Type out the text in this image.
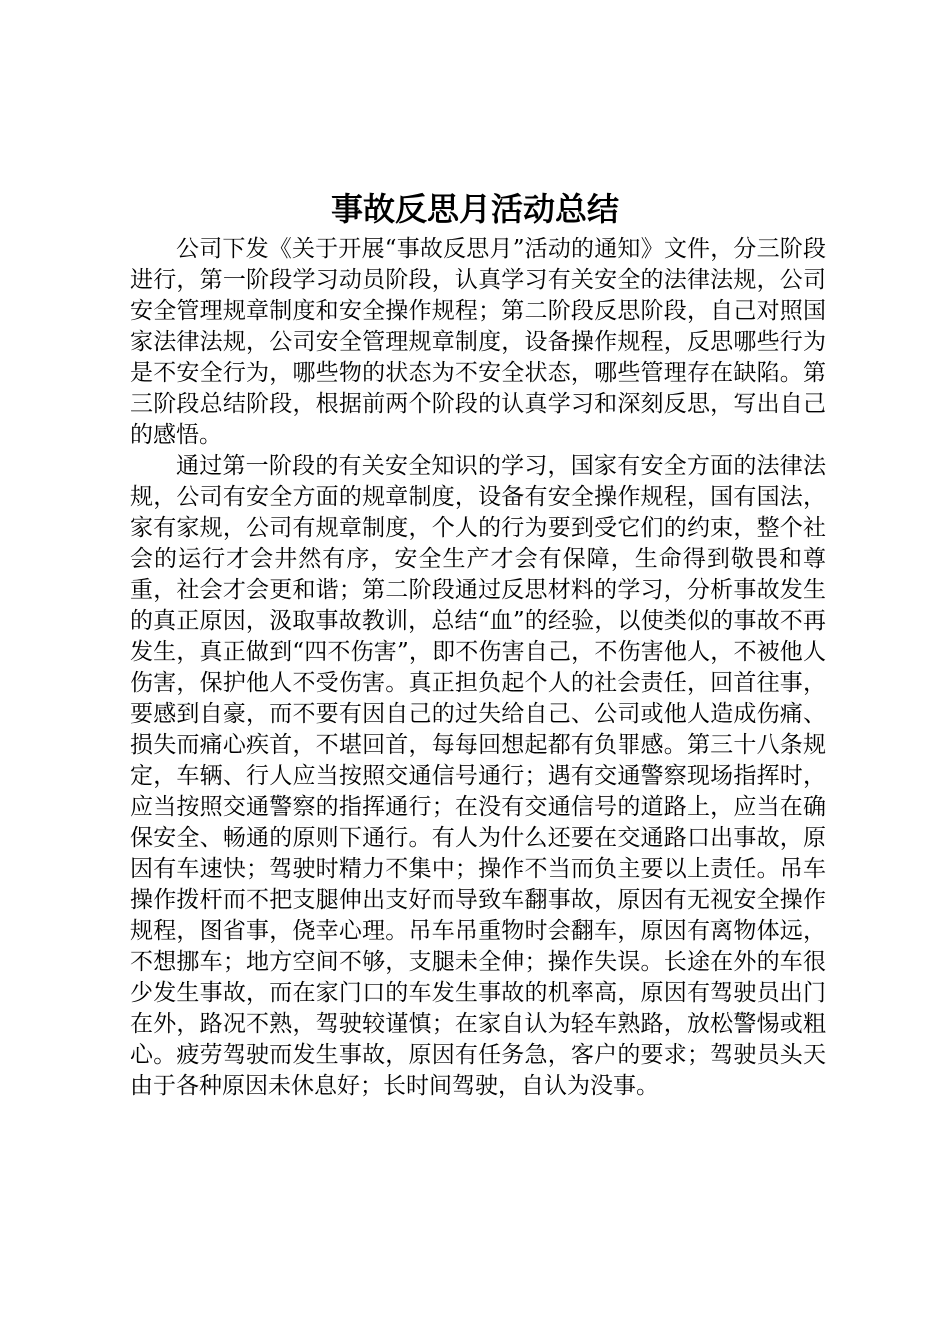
事故反思月活动总结

公司下发《关于开展“事故反思月”活动的通知》文件，分三阶段进行，第一阶段学习动员阶段，认真学习有关安全的法律法规，公司安全管理规章制度和安全操作规程；第二阶段反思阶段，自己对照国家法律法规，公司安全管理规章制度，设备操作规程，反思哪些行为是不安全行为，哪些物的状态为不安全状态，哪些管理存在缺陷。第三阶段总结阶段，根据前两个阶段的认真学习和深刻反思，写出自己的感悟。

通过第一阶段的有关安全知识的学习，国家有安全方面的法律法规，公司有安全方面的规章制度，设备有安全操作规程，国有国法，家有家规，公司有规章制度，个人的行为要到受它们的约束，整个社会的运行才会井然有序，安全生产才会有保障，生命得到敬畏和尊重，社会才会更和谐；第二阶段通过反思材料的学习，分析事故发生的真正原因，汲取事故教训，总结“血”的经验，以使类似的事故不再发生，真正做到“四不伤害”，即不伤害自己，不伤害他人，不被他人伤害，保护他人不受伤害。真正担负起个人的社会责任，回首往事，要感到自豪，而不要有因自己的过失给自己、公司或他人造成伤痛、损失而痛心疾首，不堪回首，每每回想起都有负罪感。第三十八条规定，车辆、行人应当按照交通信号通行；遇有交通警察现场指挥时，应当按照交通警察的指挥通行；在没有交通信号的道路上，应当在确保安全、畅通的原则下通行。有人为什么还要在交通路口出事故，原因有车速快；驾驶时精力不集中；操作不当而负主要以上责任。吊车操作拨杆而不把支腿伸出支好而导致车翻事故，原因有无视安全操作规程，图省事，侥幸心理。吊车吊重物时会翻车，原因有离物体远，不想挪车；地方空间不够，支腿未全伸；操作失误。长途在外的车很少发生事故，而在家门口的车发生事故的机率高，原因有驾驶员出门在外，路况不熟，驾驶较谨慎；在家自认为轻车熟路，放松警惕或粗心。疲劳驾驶而发生事故，原因有任务急，客户的要求；驾驶员头天由于各种原因未休息好；长时间驾驶，自认为没事。
